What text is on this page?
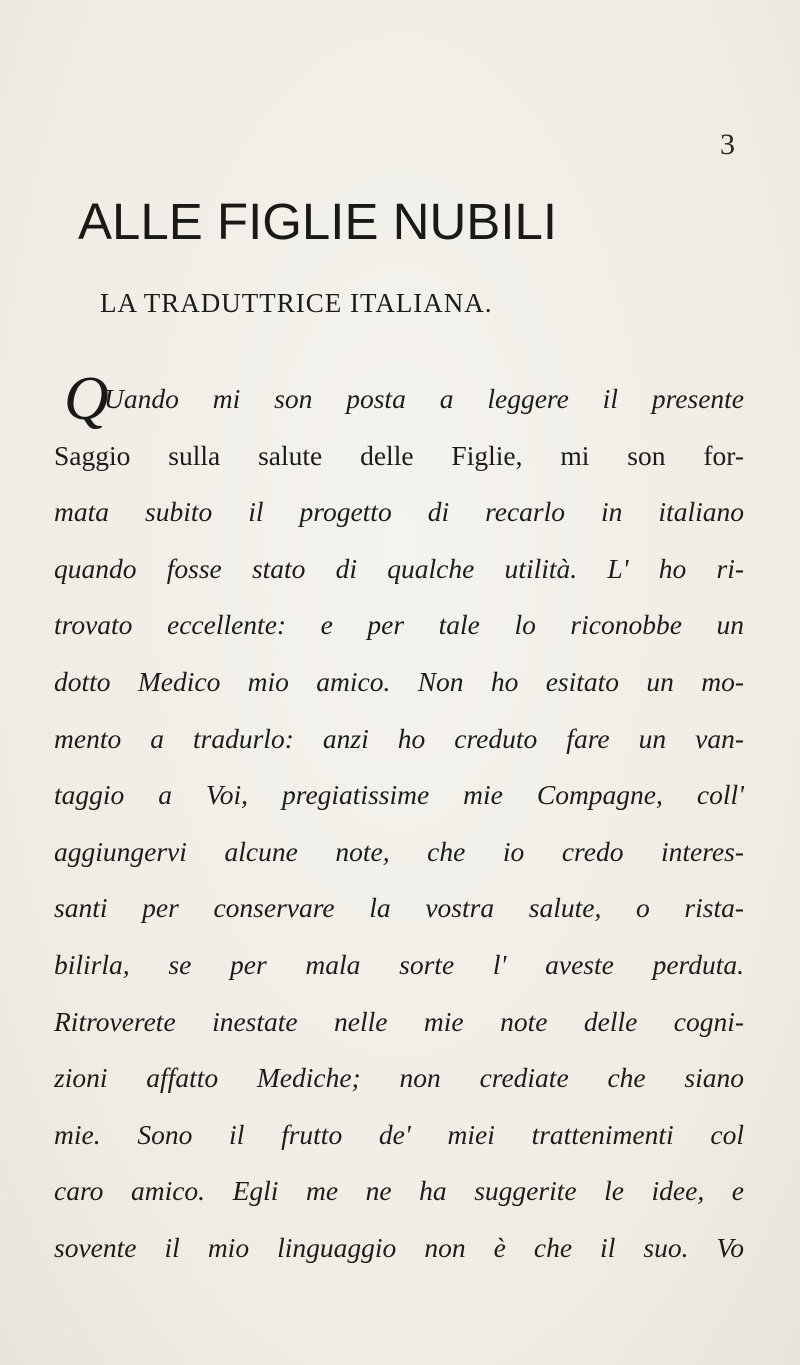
3
ALLE FIGLIE NUBILI
LA TRADUTTRICE ITALIANA.
Q
Uando mi son posta a leggere il presente
Saggio sulla salute delle Figlie, mi son for-
mata subito il progetto di recarlo in italiano
quando fosse stato di qualche utilità. L' ho ri-
trovato eccellente: e per tale lo riconobbe un
dotto Medico mio amico. Non ho esitato un mo-
mento a tradurlo: anzi ho creduto fare un van-
taggio a Voi, pregiatissime mie Compagne, coll'
aggiungervi alcune note, che io credo interes-
santi per conservare la vostra salute, o rista-
bilirla, se per mala sorte l' aveste perduta.
Ritroverete inestate nelle mie note delle cogni-
zioni affatto Mediche; non crediate che siano
mie. Sono il frutto de' miei trattenimenti col
caro amico. Egli me ne ha suggerite le idee, e
sovente il mio linguaggio non è che il suo. Vo
